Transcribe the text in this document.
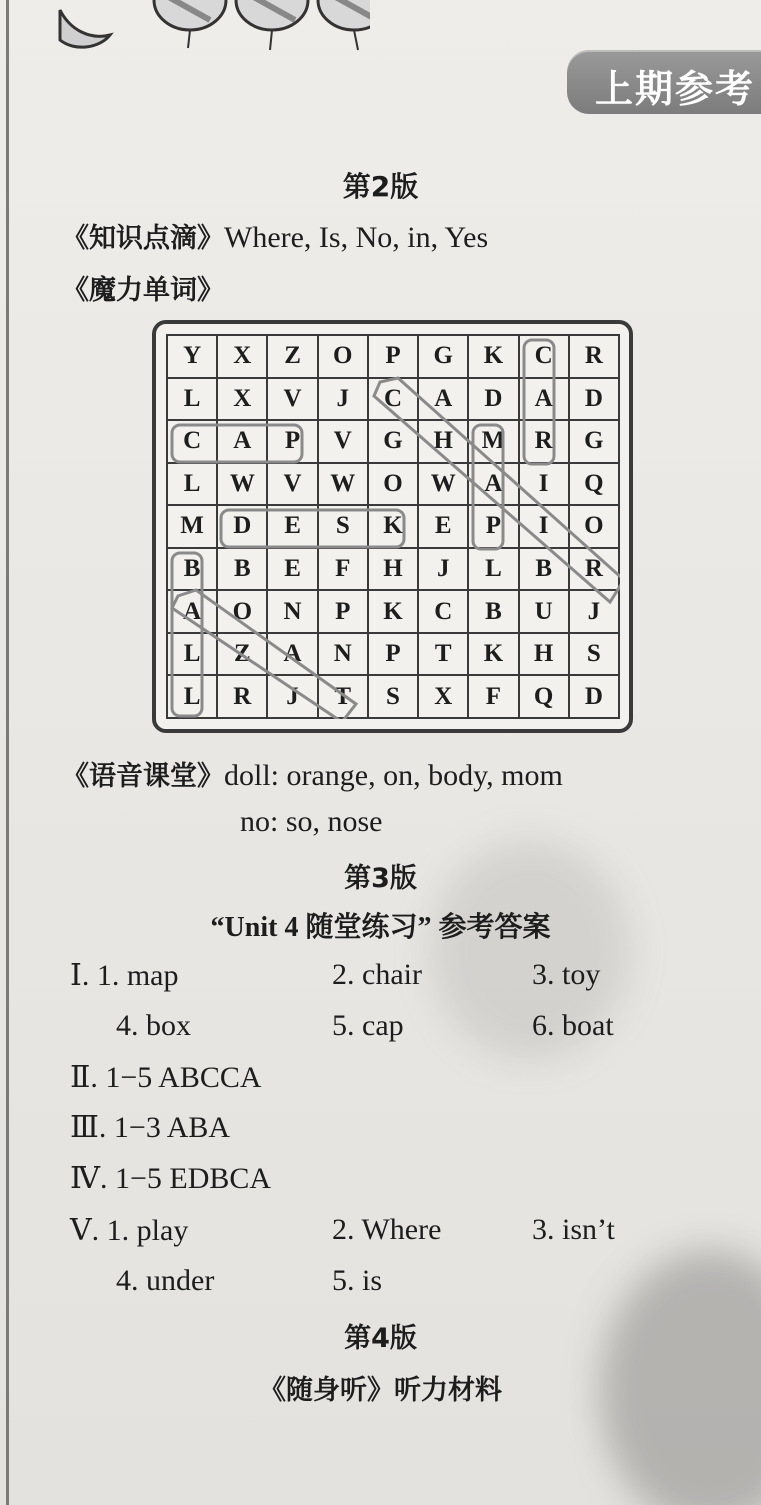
上期参考
第2版
《知识点滴》Where, Is, No, in, Yes
《魔力单词》
Y	X	Z	O	P	G	K	C	R
L	X	V	J	C	A	D	A	D
C	A	P	V	G	H	M	R	G
L	W	V	W	O	W	A	I	Q
M	D	E	S	K	E	P	I	O
B	B	E	F	H	J	L	B	R
A	O	N	P	K	C	B	U	J
L	Z	A	N	P	T	K	H	S
L	R	J	T	S	X	F	Q	D
《语音课堂》doll: orange, on, body, mom
no: so, nose
第3版
“Unit 4 随堂练习” 参考答案
Ⅰ. 1. map	2. chair	3. toy
4. box	5. cap	6. boat
Ⅱ. 1−5 ABCCA
Ⅲ. 1−3 ABA
Ⅳ. 1−5 EDBCA
Ⅴ. 1. play	2. Where	3. isn’t
4. under	5. is
第4版
《随身听》听力材料
